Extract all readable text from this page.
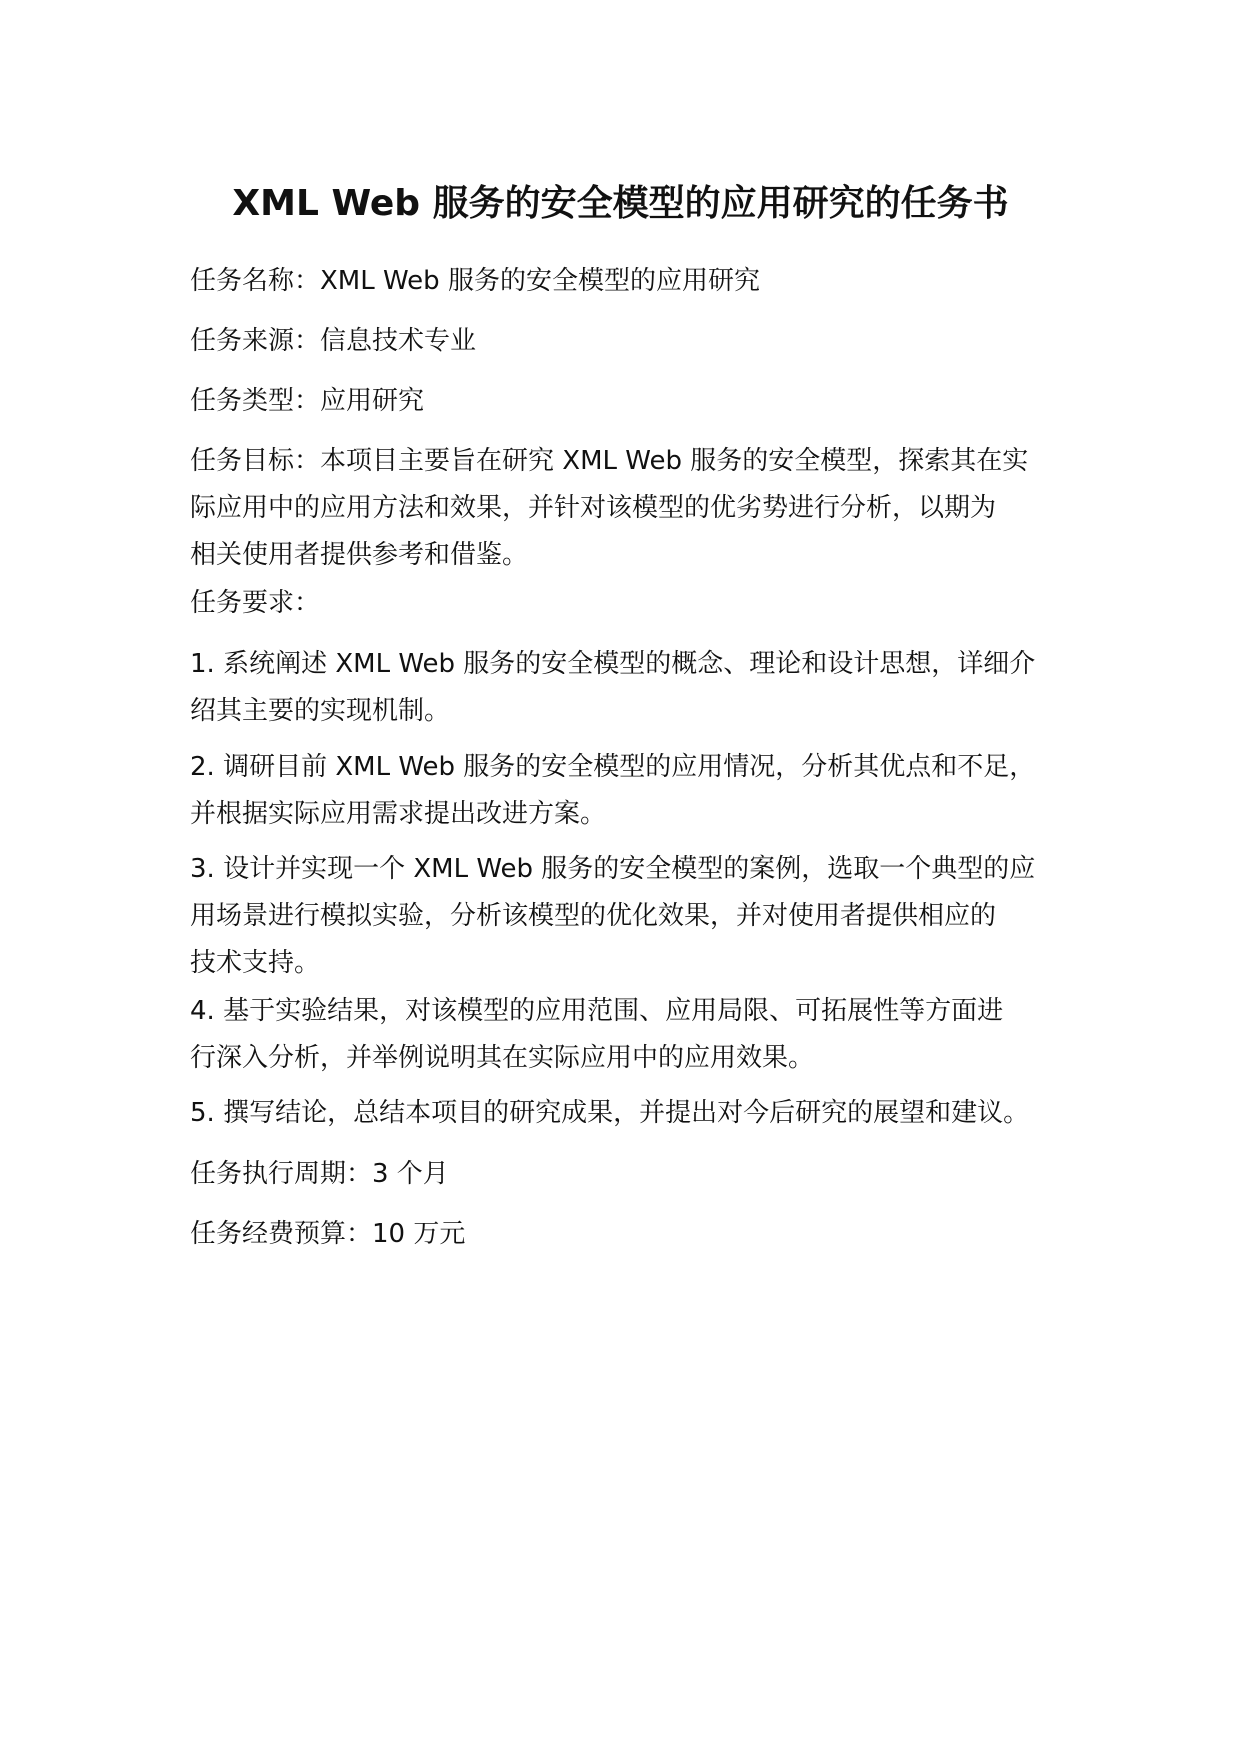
XML Web 服务的安全模型的应用研究的任务书

任务名称：XML Web 服务的安全模型的应用研究

任务来源：信息技术专业

任务类型：应用研究

任务目标：本项目主要旨在研究 XML Web 服务的安全模型，探索其在实
际应用中的应用方法和效果，并针对该模型的优劣势进行分析，以期为
相关使用者提供参考和借鉴。

任务要求：

1. 系统阐述 XML Web 服务的安全模型的概念、理论和设计思想，详细介
绍其主要的实现机制。

2. 调研目前 XML Web 服务的安全模型的应用情况，分析其优点和不足，
并根据实际应用需求提出改进方案。

3. 设计并实现一个 XML Web 服务的安全模型的案例，选取一个典型的应
用场景进行模拟实验，分析该模型的优化效果，并对使用者提供相应的
技术支持。

4. 基于实验结果，对该模型的应用范围、应用局限、可拓展性等方面进
行深入分析，并举例说明其在实际应用中的应用效果。

5. 撰写结论，总结本项目的研究成果，并提出对今后研究的展望和建议。

任务执行周期：3 个月

任务经费预算：10 万元
